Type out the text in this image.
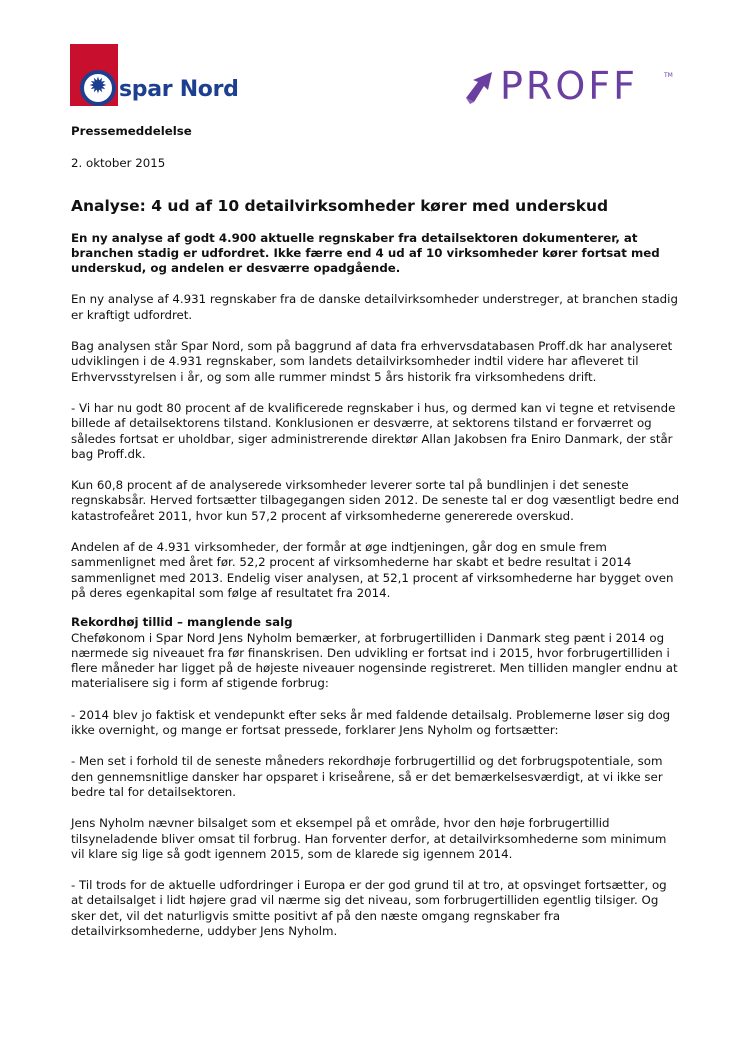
✹ spar Nord	PROFF	TM

Pressemeddelelse

2. oktober 2015

Analyse: 4 ud af 10 detailvirksomheder kører med underskud

En ny analyse af godt 4.900 aktuelle regnskaber fra detailsektoren dokumenterer, at branchen stadig er udfordret. Ikke færre end 4 ud af 10 virksomheder kører fortsat med underskud, og andelen er desværre opadgående.

En ny analyse af 4.931 regnskaber fra de danske detailvirksomheder understreger, at branchen stadig er kraftigt udfordret.

Bag analysen står Spar Nord, som på baggrund af data fra erhvervsdatabasen Proff.dk har analyseret udviklingen i de 4.931 regnskaber, som landets detailvirksomheder indtil videre har afleveret til Erhvervsstyrelsen i år, og som alle rummer mindst 5 års historik fra virksomhedens drift.

- Vi har nu godt 80 procent af de kvalificerede regnskaber i hus, og dermed kan vi tegne et retvisende billede af detailsektorens tilstand. Konklusionen er desværre, at sektorens tilstand er forværret og således fortsat er uholdbar, siger administrerende direktør Allan Jakobsen fra Eniro Danmark, der står bag Proff.dk.

Kun 60,8 procent af de analyserede virksomheder leverer sorte tal på bundlinjen i det seneste regnskabsår. Herved fortsætter tilbagegangen siden 2012. De seneste tal er dog væsentligt bedre end katastrofeåret 2011, hvor kun 57,2 procent af virksomhederne genererede overskud.

Andelen af de 4.931 virksomheder, der formår at øge indtjeningen, går dog en smule frem sammenlignet med året før. 52,2 procent af virksomhederne har skabt et bedre resultat i 2014 sammenlignet med 2013. Endelig viser analysen, at 52,1 procent af virksomhederne har bygget oven på deres egenkapital som følge af resultatet fra 2014.

Rekordhøj tillid – manglende salg

Cheføkonom i Spar Nord Jens Nyholm bemærker, at forbrugertilliden i Danmark steg pænt i 2014 og nærmede sig niveauet fra før finanskrisen. Den udvikling er fortsat ind i 2015, hvor forbrugertilliden i flere måneder har ligget på de højeste niveauer nogensinde registreret. Men tilliden mangler endnu at materialisere sig i form af stigende forbrug:

- 2014 blev jo faktisk et vendepunkt efter seks år med faldende detailsalg. Problemerne løser sig dog ikke overnight, og mange er fortsat pressede, forklarer Jens Nyholm og fortsætter:

- Men set i forhold til de seneste måneders rekordhøje forbrugertillid og det forbrugspotentiale, som den gennemsnitlige dansker har opsparet i kriseårene, så er det bemærkelsesværdigt, at vi ikke ser bedre tal for detailsektoren.

Jens Nyholm nævner bilsalget som et eksempel på et område, hvor den høje forbrugertillid tilsyneladende bliver omsat til forbrug. Han forventer derfor, at detailvirksomhederne som minimum vil klare sig lige så godt igennem 2015, som de klarede sig igennem 2014.

- Til trods for de aktuelle udfordringer i Europa er der god grund til at tro, at opsvinget fortsætter, og at detailsalget i lidt højere grad vil nærme sig det niveau, som forbrugertilliden egentlig tilsiger. Og sker det, vil det naturligvis smitte positivt af på den næste omgang regnskaber fra detailvirksomhederne, uddyber Jens Nyholm.
